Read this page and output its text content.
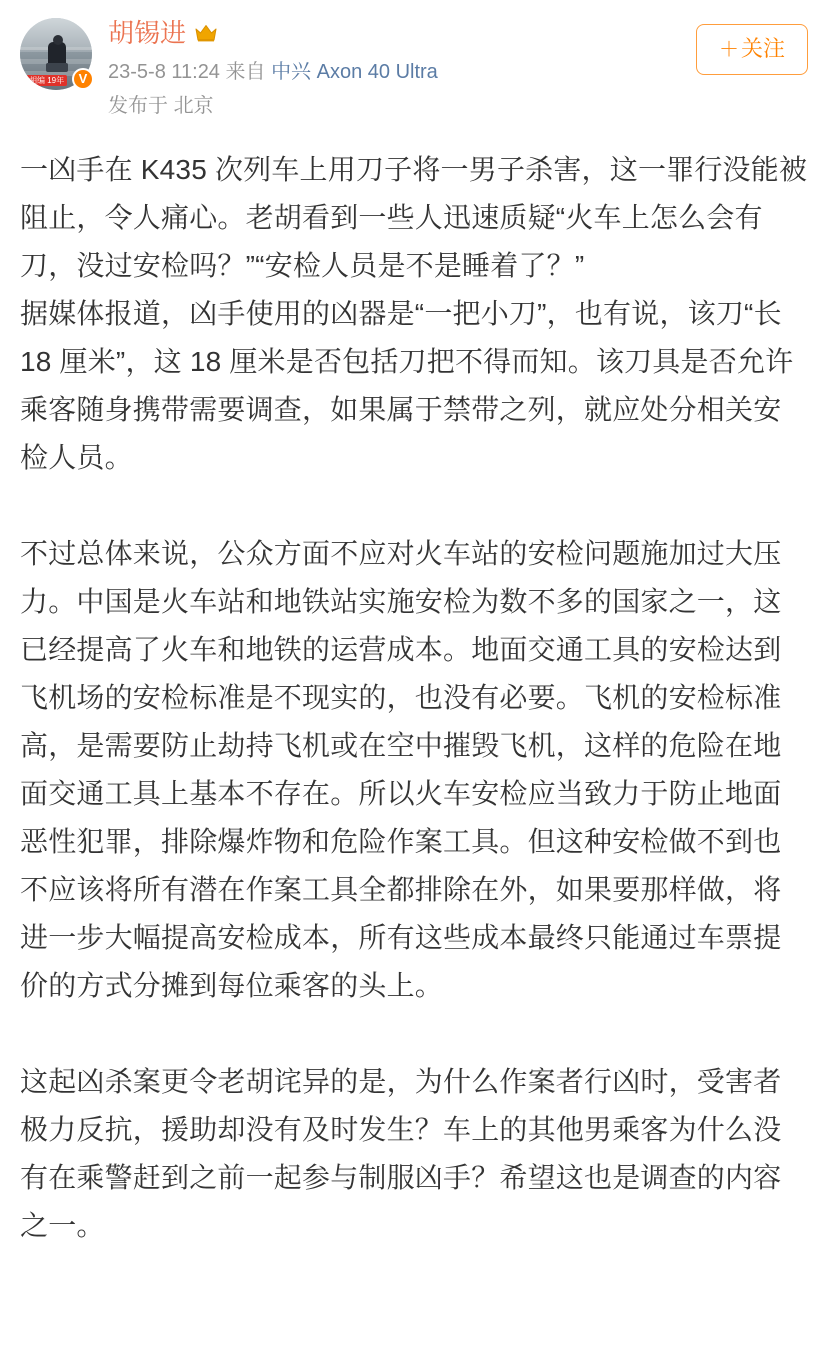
胡编 19年	V
胡锡进
23-5-8 11:24 来自 中兴 Axon 40 Ultra
发布于 北京
＋关注

一凶手在 K435 次列车上用刀子将一男子杀害，这一罪行没能被阻止，令人痛心。老胡看到一些人迅速质疑“火车上怎么会有刀，没过安检吗？”“安检人员是不是睡着了？”

据媒体报道，凶手使用的凶器是“一把小刀”，也有说，该刀“长 18 厘米”，这 18 厘米是否包括刀把不得而知。该刀具是否允许乘客随身携带需要调查，如果属于禁带之列，就应处分相关安检人员。

不过总体来说，公众方面不应对火车站的安检问题施加过大压力。中国是火车站和地铁站实施安检为数不多的国家之一，这已经提高了火车和地铁的运营成本。地面交通工具的安检达到飞机场的安检标准是不现实的，也没有必要。飞机的安检标准高，是需要防止劫持飞机或在空中摧毁飞机，这样的危险在地面交通工具上基本不存在。所以火车安检应当致力于防止地面恶性犯罪，排除爆炸物和危险作案工具。但这种安检做不到也不应该将所有潜在作案工具全都排除在外，如果要那样做，将进一步大幅提高安检成本，所有这些成本最终只能通过车票提价的方式分摊到每位乘客的头上。

这起凶杀案更令老胡诧异的是，为什么作案者行凶时，受害者极力反抗，援助却没有及时发生？车上的其他男乘客为什么没有在乘警赶到之前一起参与制服凶手？希望这也是调查的内容之一。
